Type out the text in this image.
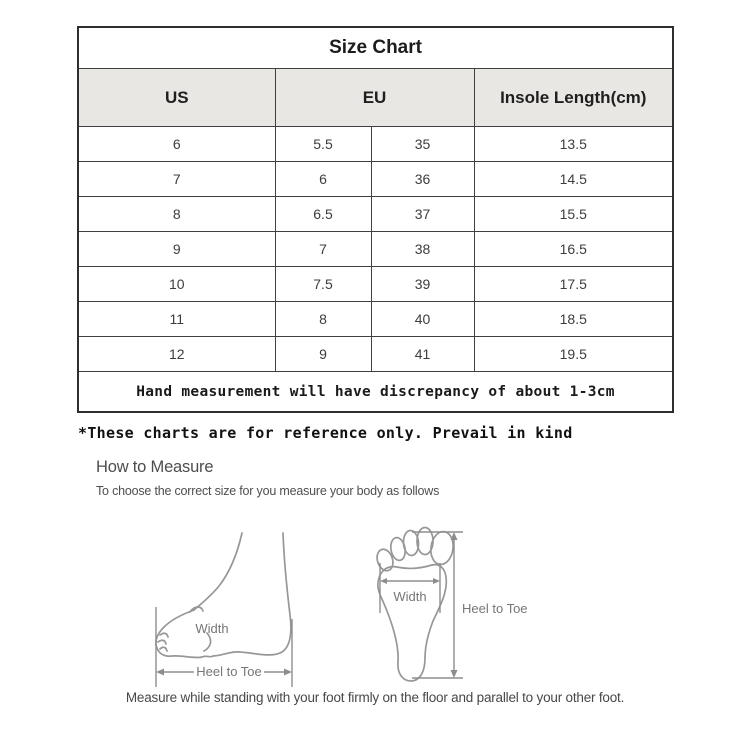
Size Chart			
US	EU		Insole Length(cm)
6	5.5	35	13.5
7	6	36	14.5
8	6.5	37	15.5
9	7	38	16.5
10	7.5	39	17.5
11	8	40	18.5
12	9	41	19.5
Hand measurement will have discrepancy of about 1-3cm			
*These charts are for reference only. Prevail in kind
How to Measure
To choose the correct size for you measure your body as follows
Width
Heel to Toe
Width
Heel to Toe
Measure while standing with your foot firmly on the floor and parallel to your other foot.
